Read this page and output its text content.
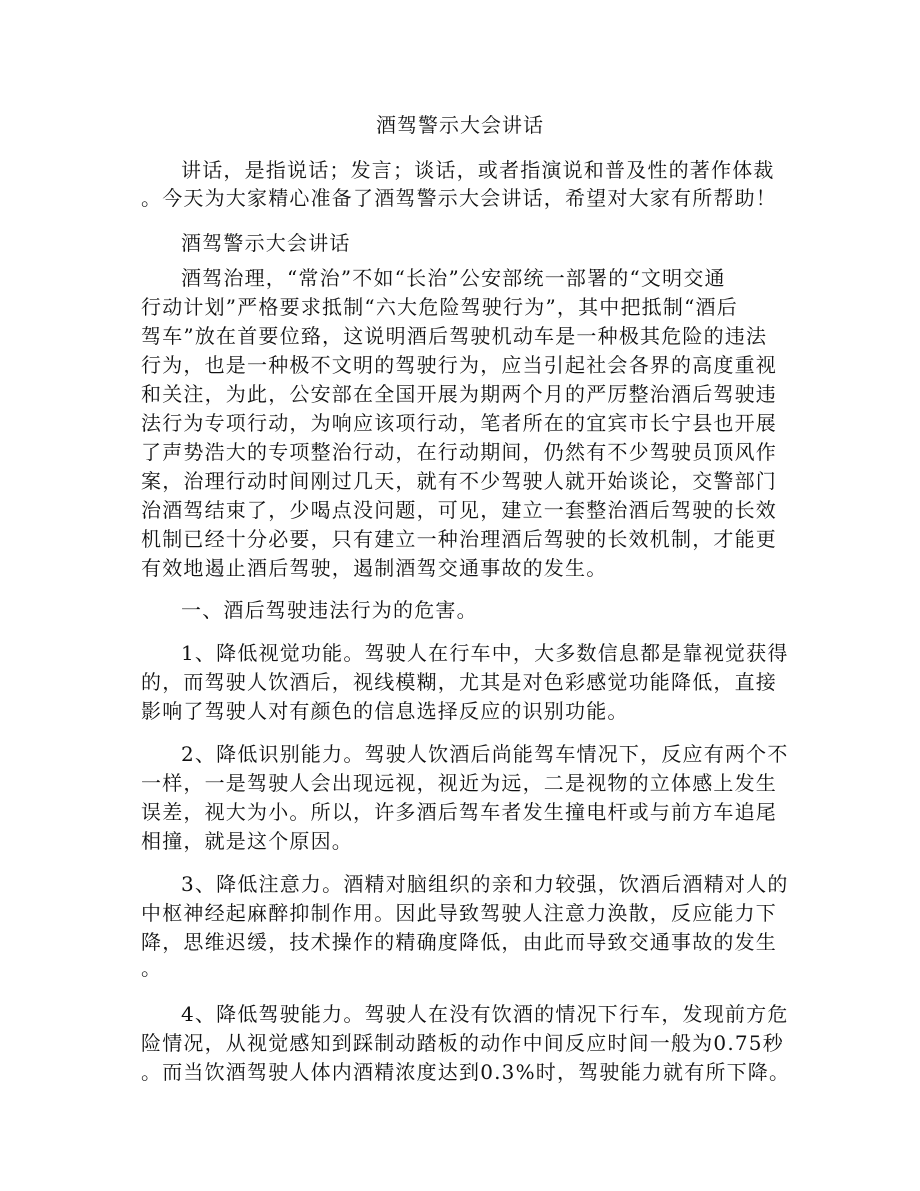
酒驾警示大会讲话
讲话，是指说话；发言；谈话，或者指演说和普及性的著作体裁
。今天为大家精心准备了酒驾警示大会讲话，希望对大家有所帮助！
酒驾警示大会讲话
酒驾治理，“常治”不如“长治”公安部统一部署的“文明交通
行动计划”严格要求抵制“六大危险驾驶行为”，其中把抵制“酒后
驾车”放在首要位臵，这说明酒后驾驶机动车是一种极其危险的违法
行为，也是一种极不文明的驾驶行为，应当引起社会各界的高度重视
和关注，为此，公安部在全国开展为期两个月的严厉整治酒后驾驶违
法行为专项行动，为响应该项行动，笔者所在的宜宾市长宁县也开展
了声势浩大的专项整治行动，在行动期间，仍然有不少驾驶员顶风作
案，治理行动时间刚过几天，就有不少驾驶人就开始谈论，交警部门
治酒驾结束了，少喝点没问题，可见，建立一套整治酒后驾驶的长效
机制已经十分必要，只有建立一种治理酒后驾驶的长效机制，才能更
有效地遏止酒后驾驶，遏制酒驾交通事故的发生。
一、酒后驾驶违法行为的危害。
1、降低视觉功能。驾驶人在行车中，大多数信息都是靠视觉获得
的，而驾驶人饮酒后，视线模糊，尤其是对色彩感觉功能降低，直接
影响了驾驶人对有颜色的信息选择反应的识别功能。
2、降低识别能力。驾驶人饮酒后尚能驾车情况下，反应有两个不
一样，一是驾驶人会出现远视，视近为远，二是视物的立体感上发生
误差，视大为小。所以，许多酒后驾车者发生撞电杆或与前方车追尾
相撞，就是这个原因。
3、降低注意力。酒精对脑组织的亲和力较强，饮酒后酒精对人的
中枢神经起麻醉抑制作用。因此导致驾驶人注意力涣散，反应能力下
降，思维迟缓，技术操作的精确度降低，由此而导致交通事故的发生
。
4、降低驾驶能力。驾驶人在没有饮酒的情况下行车，发现前方危
险情况，从视觉感知到踩制动踏板的动作中间反应时间一般为0.75秒
。而当饮酒驾驶人体内酒精浓度达到0.3%时，驾驶能力就有所下降。
